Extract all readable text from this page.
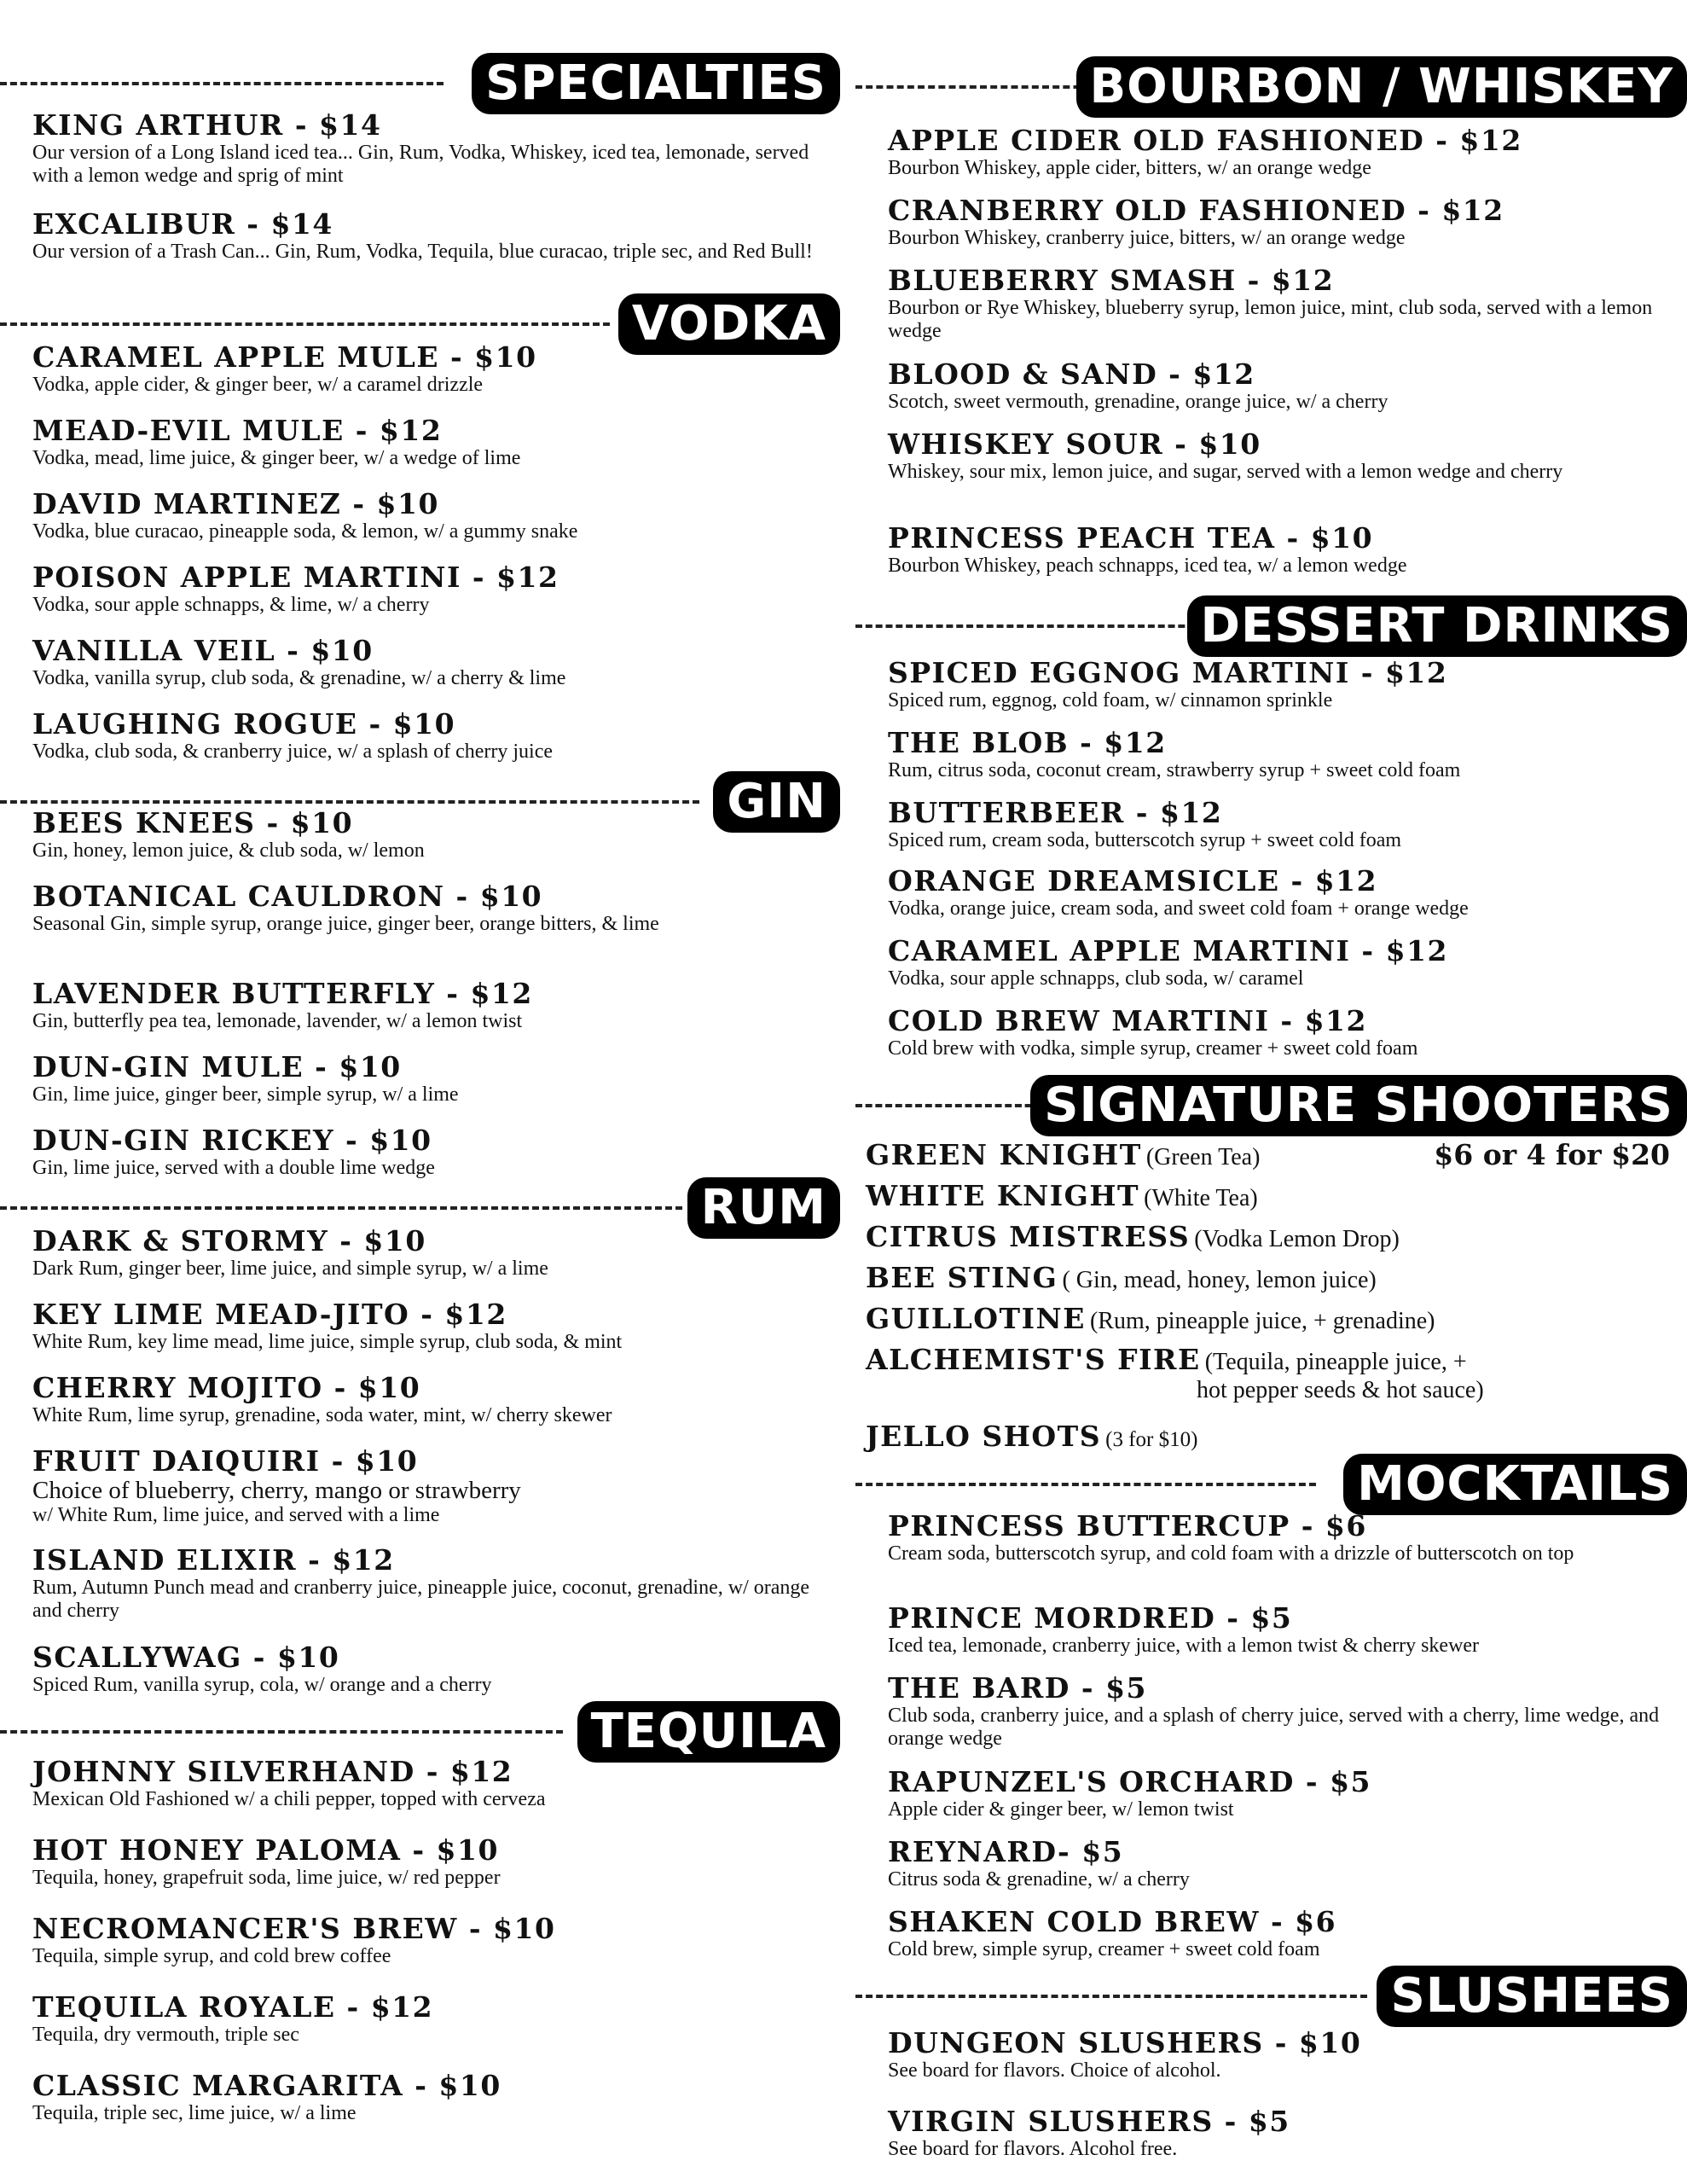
SPECIALTIES
KING ARTHUR - $14
Our version of a Long Island iced tea... Gin, Rum, Vodka, Whiskey, iced tea, lemonade, served with a lemon wedge and sprig of mint
EXCALIBUR - $14
Our version of a Trash Can... Gin, Rum, Vodka, Tequila, blue curacao, triple sec, and Red Bull!
VODKA
CARAMEL APPLE MULE - $10
Vodka, apple cider, & ginger beer, w/ a caramel drizzle
MEAD-EVIL MULE - $12
Vodka, mead, lime juice, & ginger beer, w/ a wedge of lime
DAVID MARTINEZ - $10
Vodka, blue curacao, pineapple soda, & lemon, w/ a gummy snake
POISON APPLE MARTINI - $12
Vodka, sour apple schnapps, & lime, w/ a cherry
VANILLA VEIL - $10
Vodka, vanilla syrup, club soda, & grenadine, w/ a cherry & lime
LAUGHING ROGUE - $10
Vodka, club soda, & cranberry juice, w/ a splash of cherry juice
GIN
BEES KNEES - $10
Gin, honey, lemon juice, & club soda, w/ lemon
BOTANICAL CAULDRON - $10
Seasonal Gin, simple syrup, orange juice, ginger beer, orange bitters, & lime
LAVENDER BUTTERFLY - $12
Gin, butterfly pea tea, lemonade, lavender, w/ a lemon twist
DUN-GIN MULE - $10
Gin, lime juice, ginger beer, simple syrup, w/ a lime
DUN-GIN RICKEY - $10
Gin, lime juice, served with a double lime wedge
RUM
DARK & STORMY - $10
Dark Rum, ginger beer, lime juice, and simple syrup, w/ a lime
KEY LIME MEAD-JITO - $12
White Rum, key lime mead, lime juice, simple syrup, club soda, & mint
CHERRY MOJITO - $10
White Rum, lime syrup, grenadine, soda water, mint, w/ cherry skewer
FRUIT DAIQUIRI - $10
Choice of blueberry, cherry, mango or strawberry
w/ White Rum, lime juice, and served with a lime
ISLAND ELIXIR - $12
Rum, Autumn Punch mead and cranberry juice, pineapple juice, coconut, grenadine, w/ orange and cherry
SCALLYWAG - $10
Spiced Rum, vanilla syrup, cola, w/ orange and a cherry
TEQUILA
JOHNNY SILVERHAND - $12
Mexican Old Fashioned w/ a chili pepper, topped with cerveza
HOT HONEY PALOMA - $10
Tequila, honey, grapefruit soda, lime juice, w/ red pepper
NECROMANCER'S BREW - $10
Tequila, simple syrup, and cold brew coffee
TEQUILA ROYALE - $12
Tequila, dry vermouth, triple sec
CLASSIC MARGARITA - $10
Tequila, triple sec, lime juice, w/ a lime
BOURBON / WHISKEY
APPLE CIDER OLD FASHIONED - $12
Bourbon Whiskey, apple cider, bitters, w/ an orange wedge
CRANBERRY OLD FASHIONED - $12
Bourbon Whiskey, cranberry juice, bitters, w/ an orange wedge
BLUEBERRY SMASH - $12
Bourbon or Rye Whiskey, blueberry syrup, lemon juice, mint, club soda, served with a lemon wedge
BLOOD & SAND - $12
Scotch, sweet vermouth, grenadine, orange juice, w/ a cherry
WHISKEY SOUR - $10
Whiskey, sour mix, lemon juice, and sugar, served with a lemon wedge and cherry
PRINCESS PEACH TEA - $10
Bourbon Whiskey, peach schnapps, iced tea, w/ a lemon wedge
DESSERT DRINKS
SPICED EGGNOG MARTINI - $12
Spiced rum, eggnog, cold foam, w/ cinnamon sprinkle
THE BLOB - $12
Rum, citrus soda, coconut cream, strawberry syrup + sweet cold foam
BUTTERBEER - $12
Spiced rum, cream soda, butterscotch syrup + sweet cold foam
ORANGE DREAMSICLE - $12
Vodka, orange juice, cream soda, and sweet cold foam + orange wedge
CARAMEL APPLE MARTINI - $12
Vodka, sour apple schnapps, club soda, w/ caramel
COLD BREW MARTINI - $12
Cold brew with vodka, simple syrup, creamer + sweet cold foam
SIGNATURE SHOOTERS
$6 or 4 for $20
GREEN KNIGHT (Green Tea)
WHITE KNIGHT (White Tea)
CITRUS MISTRESS (Vodka Lemon Drop)
BEE STING ( Gin, mead, honey, lemon juice)
GUILLOTINE (Rum, pineapple juice, + grenadine)
ALCHEMIST'S FIRE (Tequila, pineapple juice, +
hot pepper seeds & hot sauce)
JELLO SHOTS (3 for $10)
MOCKTAILS
PRINCESS BUTTERCUP - $6
Cream soda, butterscotch syrup, and cold foam with a drizzle of butterscotch on top
PRINCE MORDRED - $5
Iced tea, lemonade, cranberry juice, with a lemon twist & cherry skewer
THE BARD - $5
Club soda, cranberry juice, and a splash of cherry juice, served with a cherry, lime wedge, and orange wedge
RAPUNZEL'S ORCHARD - $5
Apple cider & ginger beer, w/ lemon twist
REYNARD- $5
Citrus soda & grenadine, w/ a cherry
SHAKEN COLD BREW - $6
Cold brew, simple syrup, creamer + sweet cold foam
SLUSHEES
DUNGEON SLUSHERS - $10
See board for flavors. Choice of alcohol.
VIRGIN SLUSHERS - $5
See board for flavors. Alcohol free.
